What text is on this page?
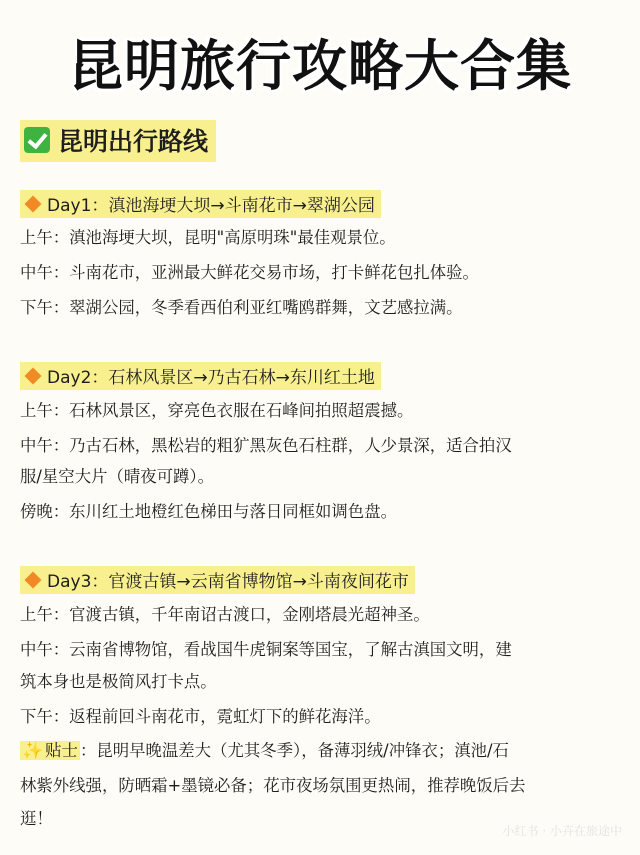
昆明旅行攻略大合集
昆明出行路线
Day1：滇池海埂大坝→斗南花市→翠湖公园
上午：滇池海埂大坝，昆明"高原明珠"最佳观景位。
中午：斗南花市，亚洲最大鲜花交易市场，打卡鲜花包扎体验。
下午：翠湖公园，冬季看西伯利亚红嘴鸥群舞，文艺感拉满。
Day2：石林风景区→乃古石林→东川红土地
上午：石林风景区，穿亮色衣服在石峰间拍照超震撼。
中午：乃古石林，黑松岩的粗犷黑灰色石柱群，人少景深，适合拍汉
服/星空大片（晴夜可蹲）。
傍晚：东川红土地橙红色梯田与落日同框如调色盘。
Day3：官渡古镇→云南省博物馆→斗南夜间花市
上午：官渡古镇，千年南诏古渡口，金刚塔晨光超神圣。
中午：云南省博物馆，看战国牛虎铜案等国宝，了解古滇国文明，建
筑本身也是极简风打卡点。
下午：返程前回斗南花市，霓虹灯下的鲜花海洋。
✨ 贴士 ：昆明早晚温差大（尤其冬季），备薄羽绒/冲锋衣；滇池/石
林紫外线强，防晒霜+墨镜必备；花市夜场氛围更热闹，推荐晚饭后去
逛！
小红书 · 小卉在旅途中
